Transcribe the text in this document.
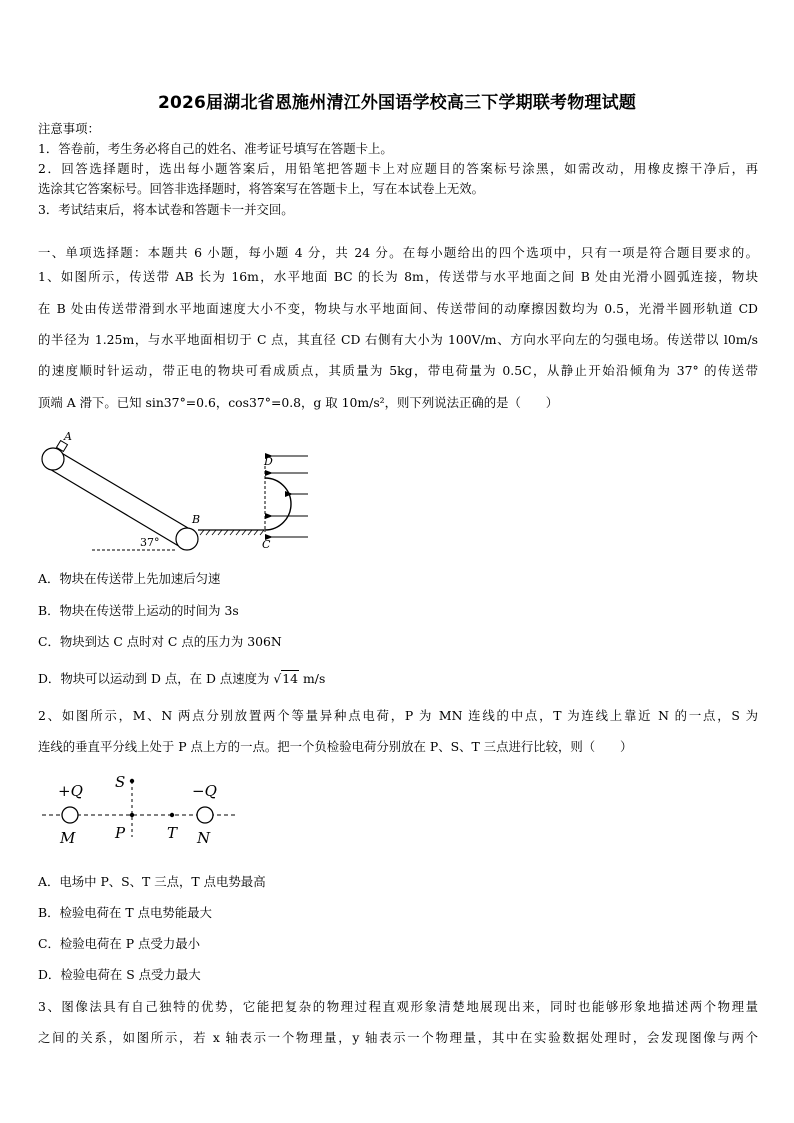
2026届湖北省恩施州清江外国语学校高三下学期联考物理试题
注意事项：
1．答卷前，考生务必将自己的姓名、准考证号填写在答题卡上。
2．回答选择题时，选出每小题答案后，用铅笔把答题卡上对应题目的答案标号涂黑，如需改动，用橡皮擦干净后，再
选涂其它答案标号。回答非选择题时，将答案写在答题卡上，写在本试卷上无效。
3．考试结束后，将本试卷和答题卡一并交回。
一、单项选择题：本题共 6 小题，每小题 4 分，共 24 分。在每小题给出的四个选项中，只有一项是符合题目要求的。
1、如图所示，传送带 AB 长为 16m，水平地面 BC 的长为 8m，传送带与水平地面之间 B 处由光滑小圆弧连接，物块
在 B 处由传送带滑到水平地面速度大小不变，物块与水平地面间、传送带间的动摩擦因数均为 0.5，光滑半圆形轨道 CD
的半径为 1.25m，与水平地面相切于 C 点，其直径 CD 右侧有大小为 100V/m、方向水平向左的匀强电场。传送带以 l0m/s
的速度顺时针运动，带正电的物块可看成质点，其质量为 5kg，带电荷量为 0.5C，从静止开始沿倾角为 37° 的传送带
顶端 A 滑下。已知 sin37°=0.6，cos37°=0.8，g 取 10m/s²，则下列说法正确的是（　　）
A
37°
B
D
C
A．物块在传送带上先加速后匀速
B．物块在传送带上运动的时间为 3s
C．物块到达 C 点时对 C 点的压力为 306N
D．物块可以运动到 D 点，在 D 点速度为 √14 m/s
2、如图所示，M、N 两点分别放置两个等量异种点电荷，P 为 MN 连线的中点，T 为连线上靠近 N 的一点，S 为
连线的垂直平分线上处于 P 点上方的一点。把一个负检验电荷分别放在 P、S、T 三点进行比较，则（　　）
+Q	−Q
S
M	P	T N
A．电场中 P、S、T 三点，T 点电势最高
B．检验电荷在 T 点电势能最大
C．检验电荷在 P 点受力最小
D．检验电荷在 S 点受力最大
3、图像法具有自己独特的优势，它能把复杂的物理过程直观形象清楚地展现出来，同时也能够形象地描述两个物理量
之间的关系，如图所示，若 x 轴表示一个物理量，y 轴表示一个物理量，其中在实验数据处理时，会发现图像与两个
